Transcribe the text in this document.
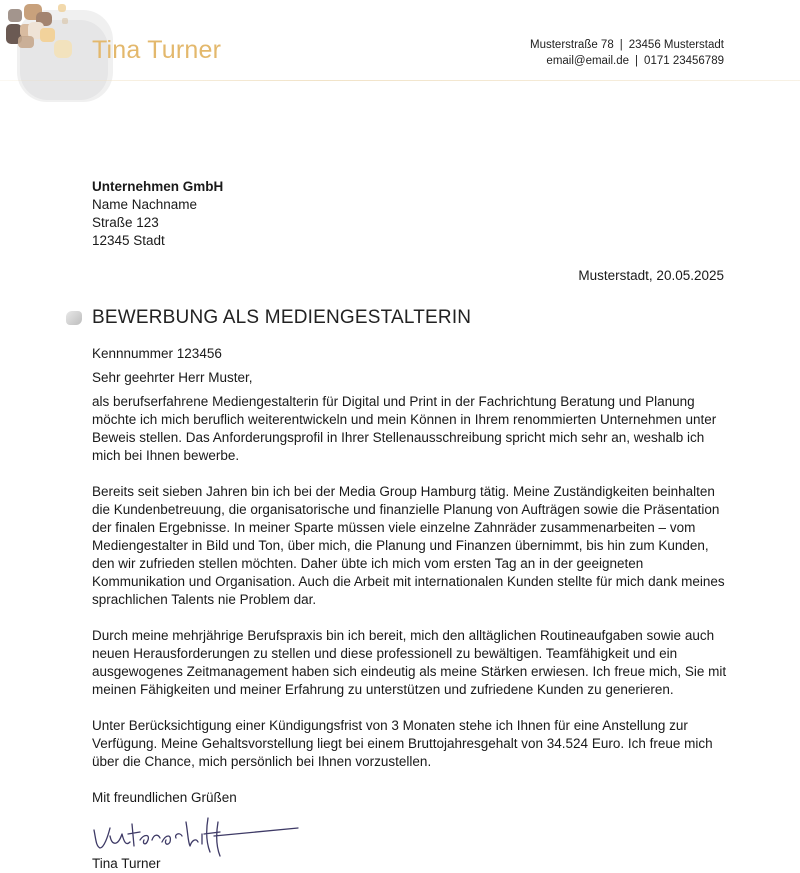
Tina Turner	Musterstraße 78 | 23456 Musterstadt
email@email.de | 0171 23456789
Unternehmen GmbH
Name Nachname
Straße 123
12345 Stadt
Musterstadt, 20.05.2025
BEWERBUNG ALS MEDIENGESTALTERIN

Kennnummer 123456

Sehr geehrter Herr Muster,

als berufserfahrene Mediengestalterin für Digital und Print in der Fachrichtung Beratung und Planung möchte ich mich beruflich weiterentwickeln und mein Können in Ihrem renommierten Unternehmen unter Beweis stellen. Das Anforderungsprofil in Ihrer Stellenausschreibung spricht mich sehr an, weshalb ich mich bei Ihnen bewerbe.

Bereits seit sieben Jahren bin ich bei der Media Group Hamburg tätig. Meine Zuständigkeiten beinhalten die Kundenbetreuung, die organisatorische und finanzielle Planung von Aufträgen sowie die Präsentation der finalen Ergebnisse. In meiner Sparte müssen viele einzelne Zahnräder zusammenarbeiten – vom Mediengestalter in Bild und Ton, über mich, die Planung und Finanzen übernimmt, bis hin zum Kunden, den wir zufrieden stellen möchten. Daher übte ich mich vom ersten Tag an in der geeigneten Kommunikation und Organisation. Auch die Arbeit mit internationalen Kunden stellte für mich dank meines sprachlichen Talents nie Problem dar.

Durch meine mehrjährige Berufspraxis bin ich bereit, mich den alltäglichen Routineaufgaben sowie auch neuen Herausforderungen zu stellen und diese professionell zu bewältigen. Teamfähigkeit und ein ausgewogenes Zeitmanagement haben sich eindeutig als meine Stärken erwiesen. Ich freue mich, Sie mit meinen Fähigkeiten und meiner Erfahrung zu unterstützen und zufriedene Kunden zu generieren.

Unter Berücksichtigung einer Kündigungsfrist von 3 Monaten stehe ich Ihnen für eine Anstellung zur Verfügung. Meine Gehaltsvorstellung liegt bei einem Bruttojahresgehalt von 34.524 Euro. Ich freue mich über die Chance, mich persönlich bei Ihnen vorzustellen.

Mit freundlichen Grüßen

Tina Turner
